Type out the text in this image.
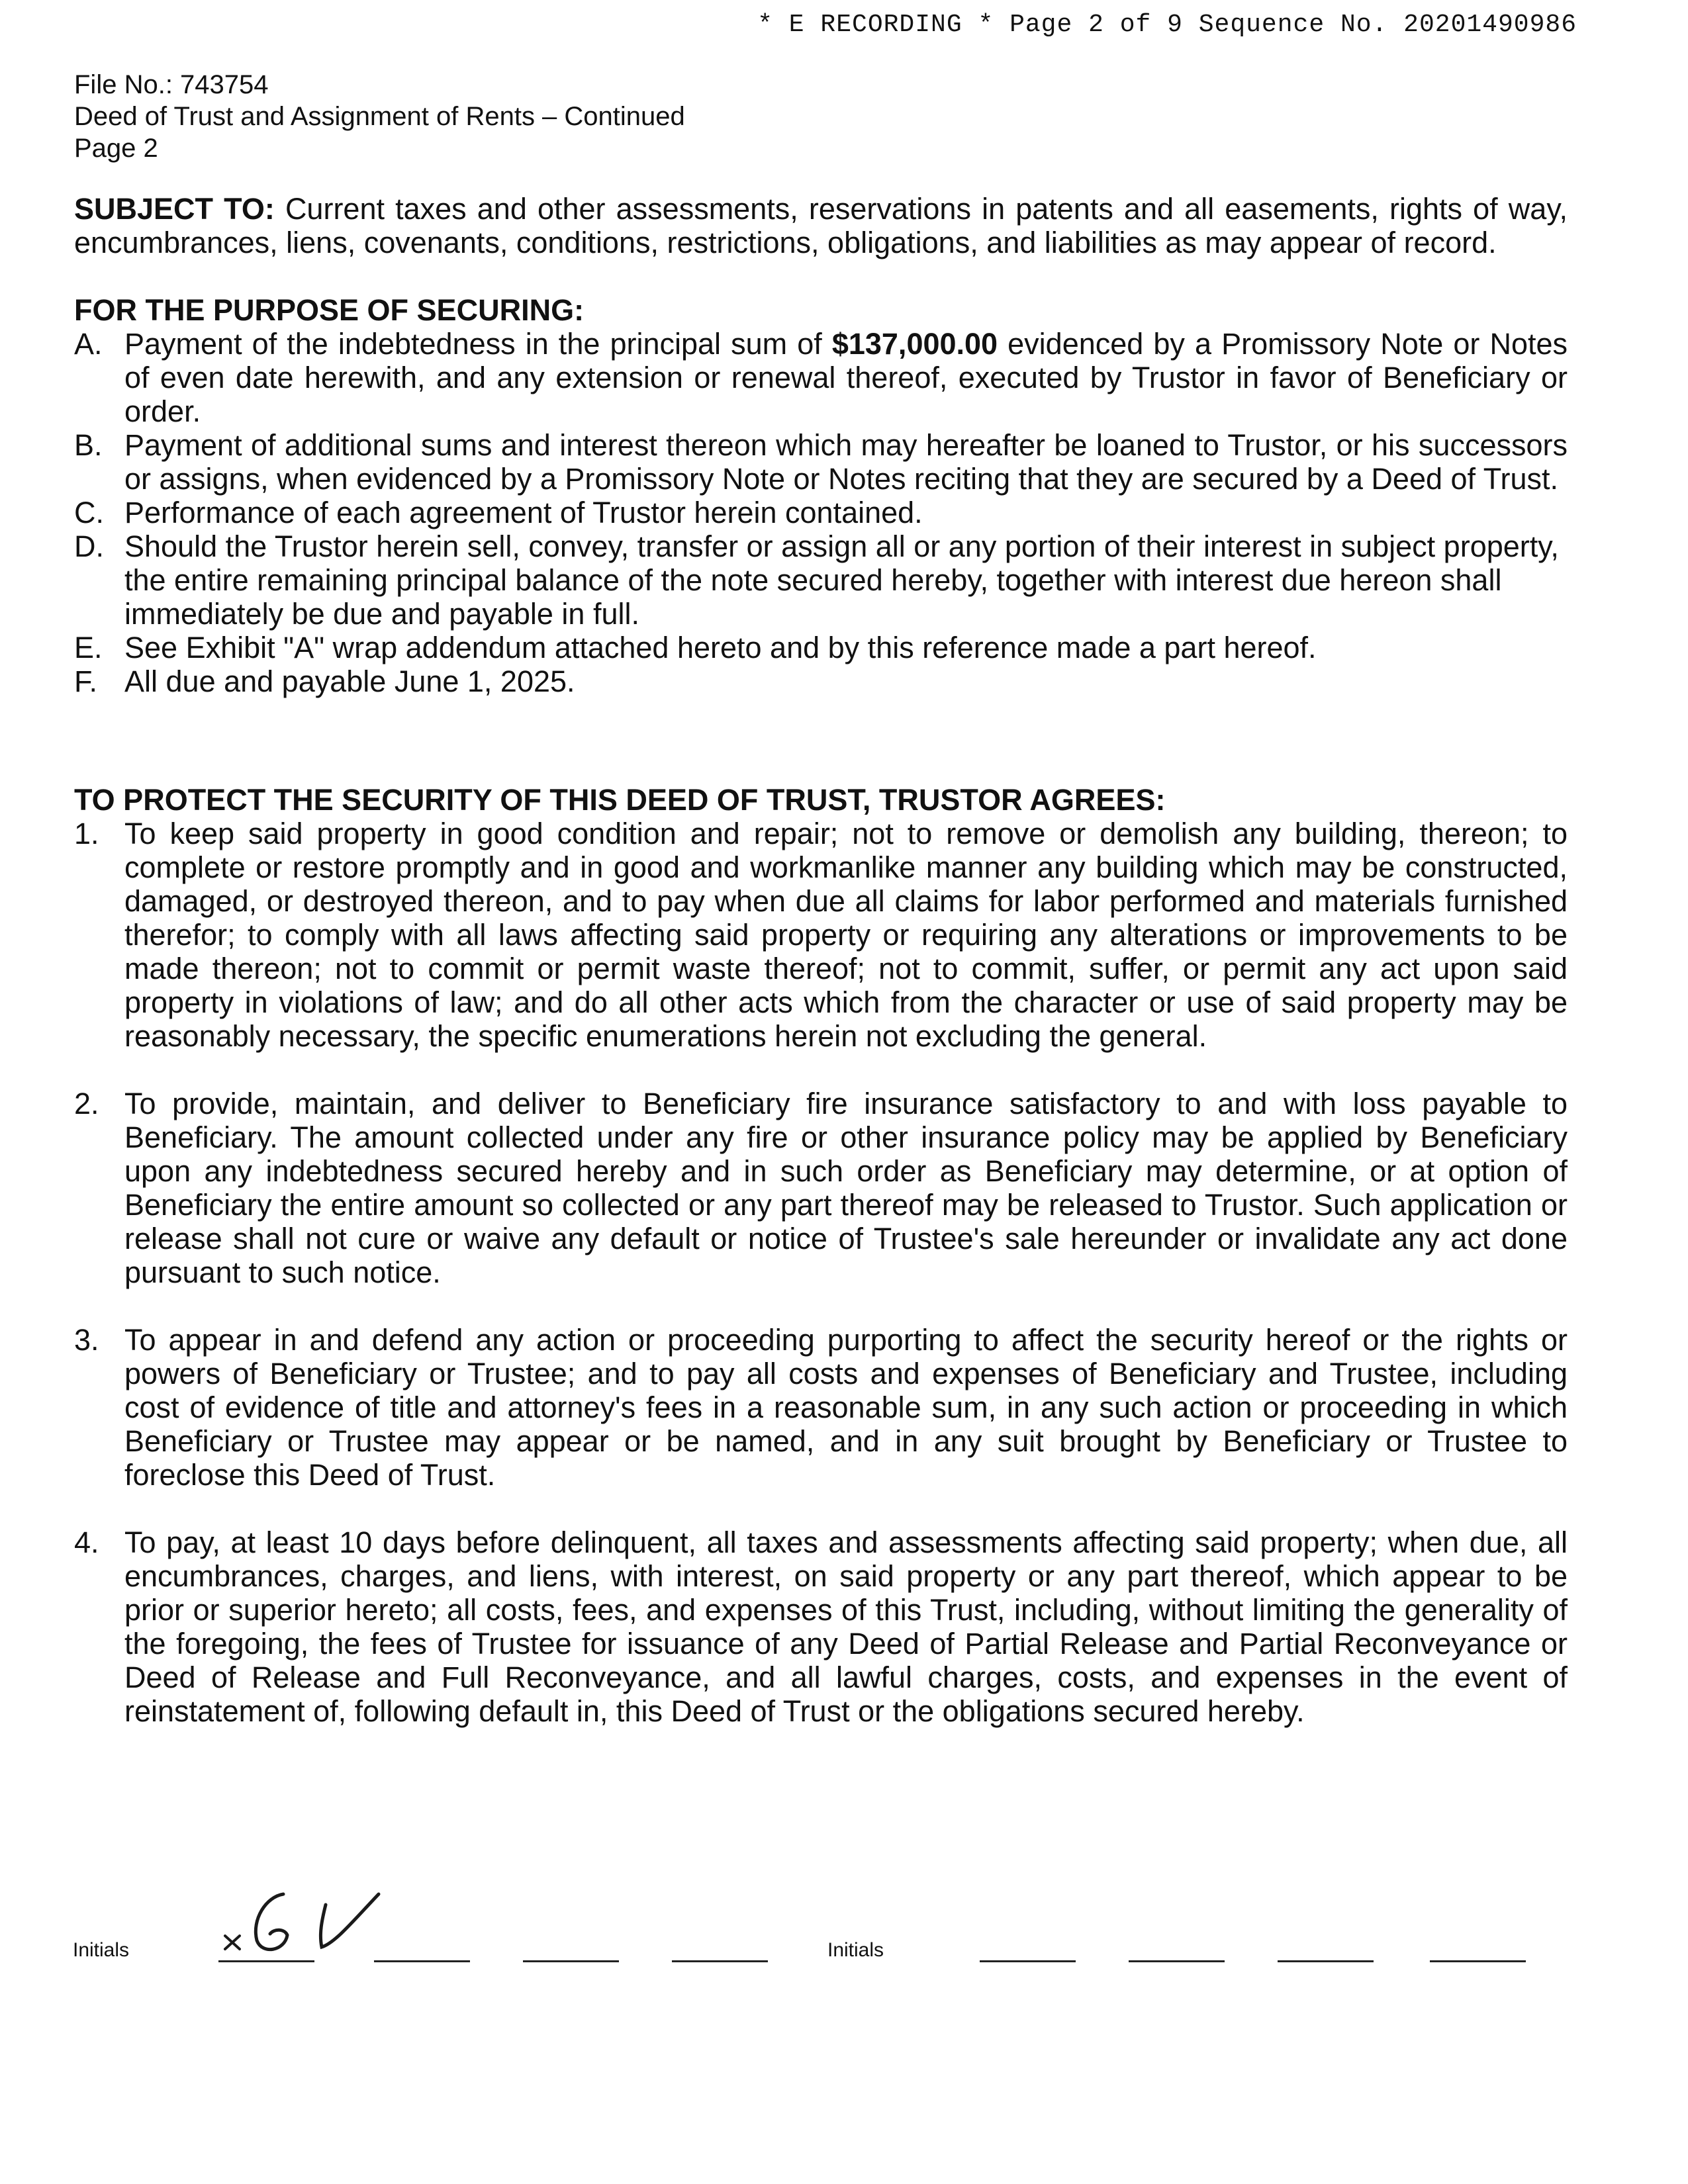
* E RECORDING * Page 2 of 9 Sequence No. 20201490986
File No.: 743754
Deed of Trust and Assignment of Rents – Continued
Page 2

SUBJECT TO: Current taxes and other assessments, reservations in patents and all easements, rights of way, encumbrances, liens, covenants, conditions, restrictions, obligations, and liabilities as may appear of record.

FOR THE PURPOSE OF SECURING:

A. Payment of the indebtedness in the principal sum of $137,000.00 evidenced by a Promissory Note or Notes of even date herewith, and any extension or renewal thereof, executed by Trustor in favor of Beneficiary or order.
B. Payment of additional sums and interest thereon which may hereafter be loaned to Trustor, or his successors or assigns, when evidenced by a Promissory Note or Notes reciting that they are secured by a Deed of Trust.
C. Performance of each agreement of Trustor herein contained.
D. Should the Trustor herein sell, convey, transfer or assign all or any portion of their interest in subject property, the entire remaining principal balance of the note secured hereby, together with interest due hereon shall immediately be due and payable in full.
E. See Exhibit "A" wrap addendum attached hereto and by this reference made a part hereof.
F. All due and payable June 1, 2025.

TO PROTECT THE SECURITY OF THIS DEED OF TRUST, TRUSTOR AGREES:

1. To keep said property in good condition and repair; not to remove or demolish any building, thereon; to complete or restore promptly and in good and workmanlike manner any building which may be constructed, damaged, or destroyed thereon, and to pay when due all claims for labor performed and materials furnished therefor; to comply with all laws affecting said property or requiring any alterations or improvements to be made thereon; not to commit or permit waste thereof; not to commit, suffer, or permit any act upon said property in violations of law; and do all other acts which from the character or use of said property may be reasonably necessary, the specific enumerations herein not excluding the general.
2. To provide, maintain, and deliver to Beneficiary fire insurance satisfactory to and with loss payable to Beneficiary. The amount collected under any fire or other insurance policy may be applied by Beneficiary upon any indebtedness secured hereby and in such order as Beneficiary may determine, or at option of Beneficiary the entire amount so collected or any part thereof may be released to Trustor. Such application or release shall not cure or waive any default or notice of Trustee's sale hereunder or invalidate any act done pursuant to such notice.
3. To appear in and defend any action or proceeding purporting to affect the security hereof or the rights or powers of Beneficiary or Trustee; and to pay all costs and expenses of Beneficiary and Trustee, including cost of evidence of title and attorney's fees in a reasonable sum, in any such action or proceeding in which Beneficiary or Trustee may appear or be named, and in any suit brought by Beneficiary or Trustee to foreclose this Deed of Trust.
4. To pay, at least 10 days before delinquent, all taxes and assessments affecting said property; when due, all encumbrances, charges, and liens, with interest, on said property or any part thereof, which appear to be prior or superior hereto; all costs, fees, and expenses of this Trust, including, without limiting the generality of the foregoing, the fees of Trustee for issuance of any Deed of Partial Release and Partial Reconveyance or Deed of Release and Full Reconveyance, and all lawful charges, costs, and expenses in the event of reinstatement of, following default in, this Deed of Trust or the obligations secured hereby.
Initials	Initials
